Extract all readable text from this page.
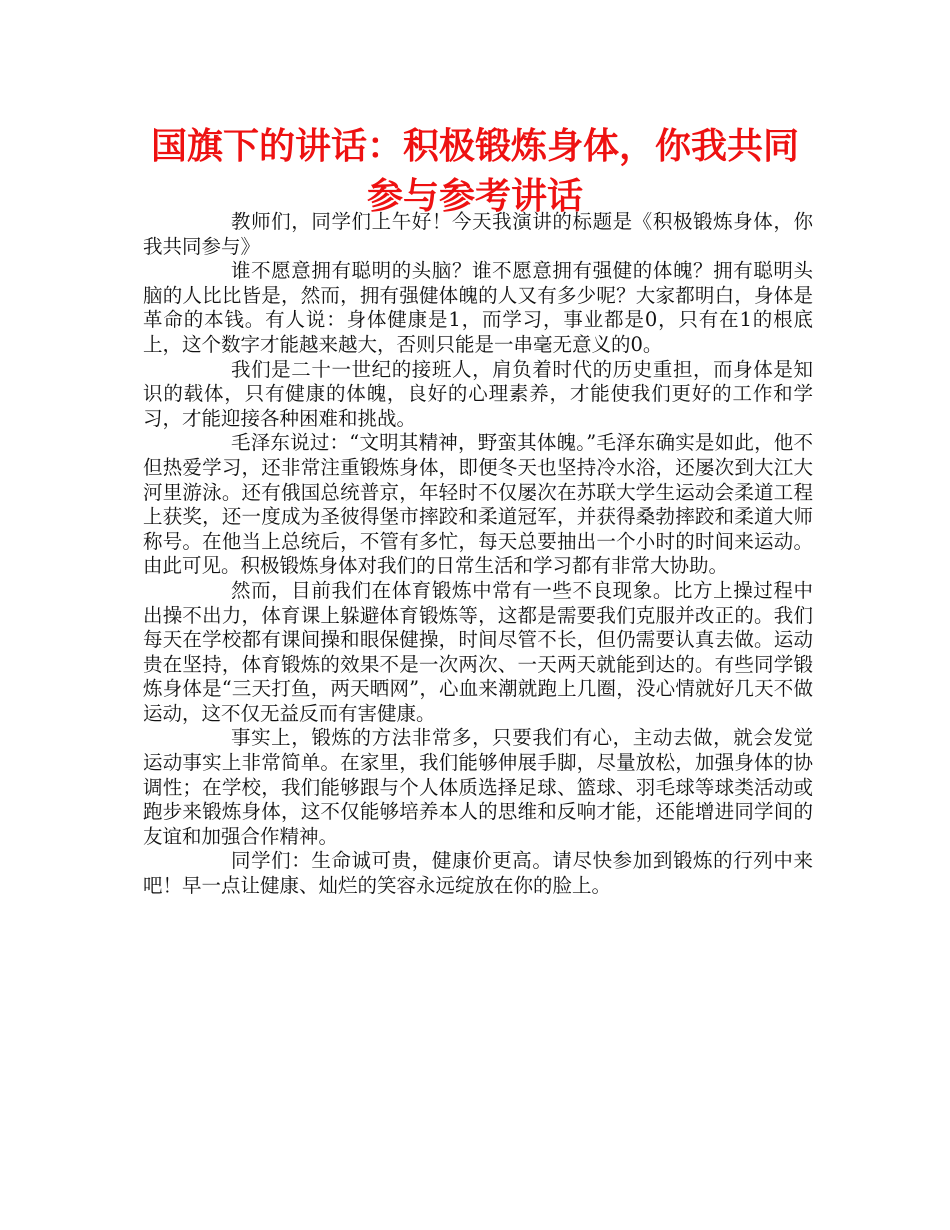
国旗下的讲话：积极锻炼身体，你我共同参与参考讲话

教师们，同学们上午好！今天我演讲的标题是《积极锻炼身体，你我共同参与》

谁不愿意拥有聪明的头脑？谁不愿意拥有强健的体魄？拥有聪明头脑的人比比皆是，然而，拥有强健体魄的人又有多少呢？大家都明白，身体是革命的本钱。有人说：身体健康是1，而学习，事业都是0，只有在1的根底上，这个数字才能越来越大，否则只能是一串毫无意义的0。

我们是二十一世纪的接班人，肩负着时代的历史重担，而身体是知识的载体，只有健康的体魄，良好的心理素养，才能使我们更好的工作和学习，才能迎接各种困难和挑战。

毛泽东说过：“文明其精神，野蛮其体魄。”毛泽东确实是如此，他不但热爱学习，还非常注重锻炼身体，即便冬天也坚持冷水浴，还屡次到大江大河里游泳。还有俄国总统普京，年轻时不仅屡次在苏联大学生运动会柔道工程上获奖，还一度成为圣彼得堡市摔跤和柔道冠军，并获得桑勃摔跤和柔道大师称号。在他当上总统后，不管有多忙，每天总要抽出一个小时的时间来运动。由此可见。积极锻炼身体对我们的日常生活和学习都有非常大协助。

然而，目前我们在体育锻炼中常有一些不良现象。比方上操过程中出操不出力，体育课上躲避体育锻炼等，这都是需要我们克服并改正的。我们每天在学校都有课间操和眼保健操，时间尽管不长，但仍需要认真去做。运动贵在坚持，体育锻炼的效果不是一次两次、一天两天就能到达的。有些同学锻炼身体是“三天打鱼，两天晒网”，心血来潮就跑上几圈，没心情就好几天不做运动，这不仅无益反而有害健康。

事实上，锻炼的方法非常多，只要我们有心，主动去做，就会发觉运动事实上非常简单。在家里，我们能够伸展手脚，尽量放松，加强身体的协调性；在学校，我们能够跟与个人体质选择足球、篮球、羽毛球等球类活动或跑步来锻炼身体，这不仅能够培养本人的思维和反响才能，还能增进同学间的友谊和加强合作精神。

同学们：生命诚可贵，健康价更高。请尽快参加到锻炼的行列中来吧！早一点让健康、灿烂的笑容永远绽放在你的脸上。
